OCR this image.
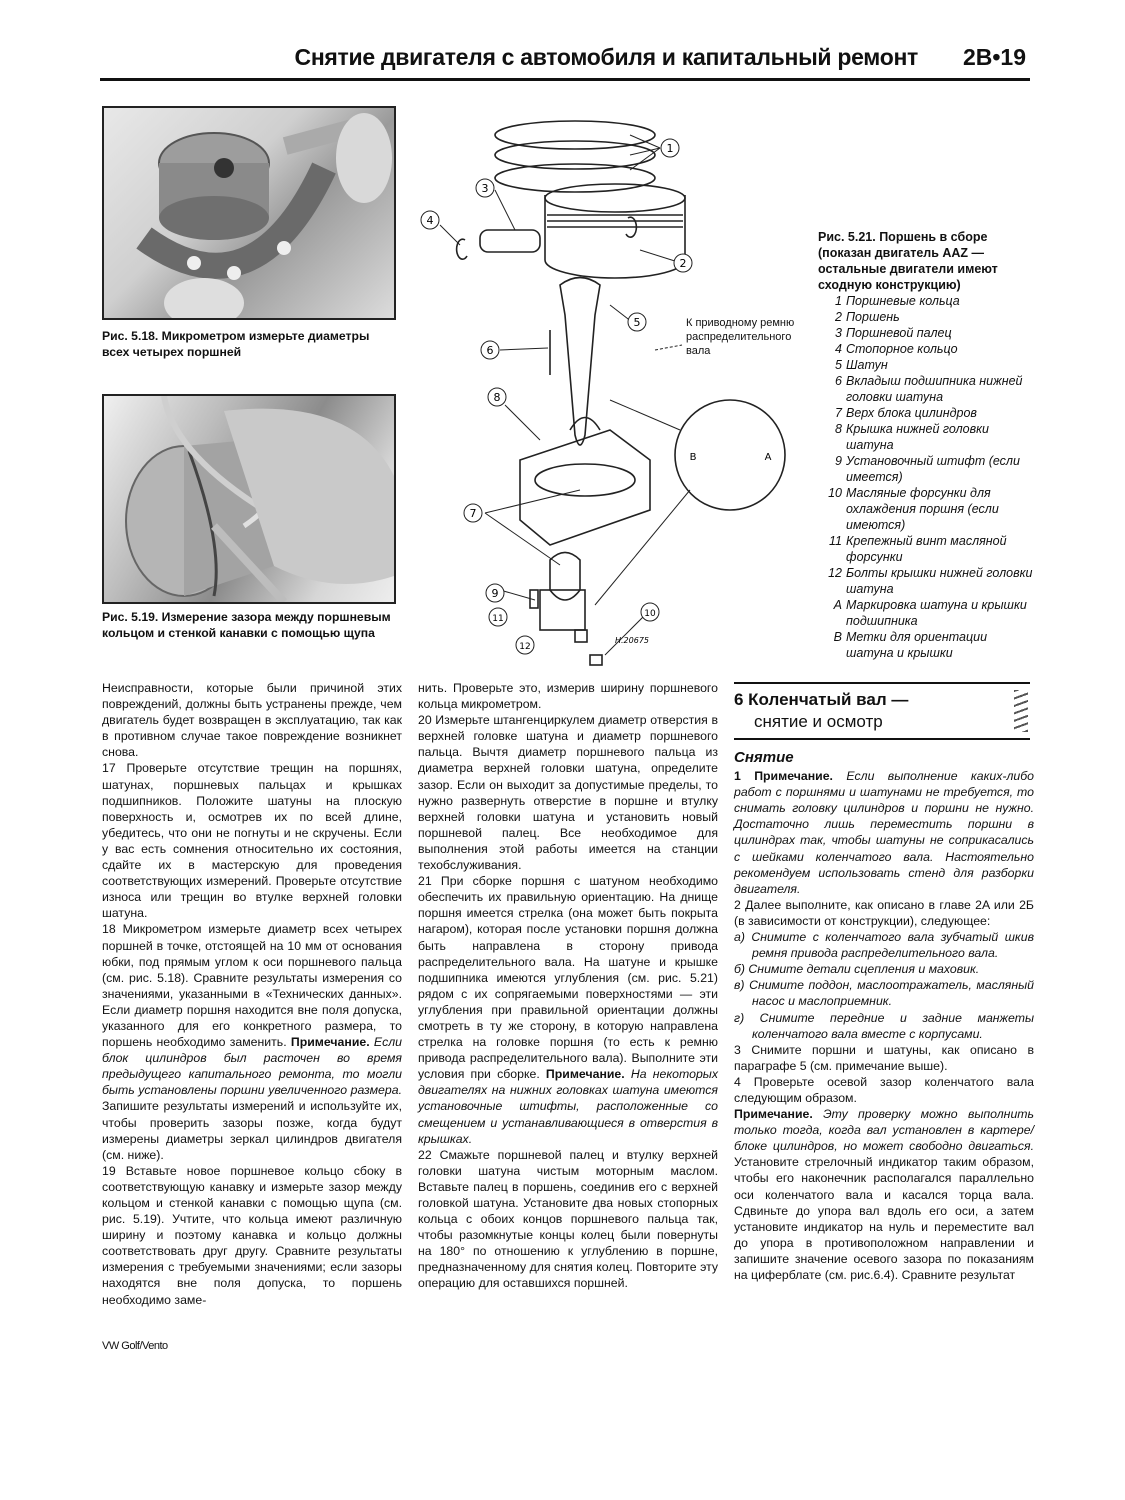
Снятие двигателя с автомобиля и капитальный ремонт 2B•19
Рис. 5.18. Микрометром измерьте диаметры всех четырех поршней
Рис. 5.19. Измерение зазора между поршневым кольцом и стенкой канавки с помощью щупа
1
2
3
4
5
6
8
7
9
11
12
10
B	A
H.20675
К приводному ремню распределительного вала
Рис. 5.21. Поршень в сборе (показан двигатель AAZ — остальные двигатели имеют сходную конструкцию)
1 Поршневые кольца
2 Поршень
3 Поршневой палец
4 Стопорное кольцо
5 Шатун
6 Вкладыш подшипника нижней головки шатуна
7 Верх блока цилиндров
8 Крышка нижней головки шатуна
9 Установочный штифт (если имеется)
10 Масляные форсунки для охлаждения поршня (если имеются)
11 Крепежный винт масляной форсунки
12 Болты крышки нижней головки шатуна
A Маркировка шатуна и крышки подшипника
B Метки для ориентации шатуна и крышки

Неисправности, которые были причиной этих повреждений, должны быть устранены прежде, чем двигатель будет возвращен в эксплуатацию, так как в противном случае такое повреждение возникнет снова.

17 Проверьте отсутствие трещин на поршнях, шатунах, поршневых пальцах и крышках подшипников. Положите шатуны на плоскую поверхность и, осмотрев их по всей длине, убедитесь, что они не погнуты и не скручены. Если у вас есть сомнения относительно их состояния, сдайте их в мастерскую для проведения соответствующих измерений. Проверьте отсутствие износа или трещин во втулке верхней головки шатуна.

18 Микрометром измерьте диаметр всех четырех поршней в точке, отстоящей на 10 мм от основания юбки, под прямым углом к оси поршневого пальца (см. рис. 5.18). Сравните результаты измерения со значениями, указанными в «Технических данных». Если диаметр поршня находится вне поля допуска, указанного для его конкретного размера, то поршень необходимо заменить. Примечание. Если блок цилиндров был расточен во время предыдущего капитального ремонта, то могли быть установлены поршни увеличенного размера. Запишите результаты измерений и используйте их, чтобы проверить зазоры позже, когда будут измерены диаметры зеркал цилиндров двигателя (см. ниже).

19 Вставьте новое поршневое кольцо сбоку в соответствующую канавку и измерьте зазор между кольцом и стенкой канавки с помощью щупа (см. рис. 5.19). Учтите, что кольца имеют различную ширину и поэтому канавка и кольцо должны соответствовать друг другу. Сравните результаты измерения с требуемыми значениями; если зазоры находятся вне поля допуска, то поршень необходимо заме-

нить. Проверьте это, измерив ширину поршневого кольца микрометром.

20 Измерьте штангенциркулем диаметр отверстия в верхней головке шатуна и диаметр поршневого пальца. Вычтя диаметр поршневого пальца из диаметра верхней головки шатуна, определите зазор. Если он выходит за допустимые пределы, то нужно развернуть отверстие в поршне и втулку верхней головки шатуна и установить новый поршневой палец. Все необходимое для выполнения этой работы имеется на станции техобслуживания.

21 При сборке поршня с шатуном необходимо обеспечить их правильную ориентацию. На днище поршня имеется стрелка (она может быть покрыта нагаром), которая после установки поршня должна быть направлена в сторону привода распределительного вала. На шатуне и крышке подшипника имеются углубления (см. рис. 5.21) рядом с их сопрягаемыми поверхностями — эти углубления при правильной ориентации должны смотреть в ту же сторону, в которую направлена стрелка на головке поршня (то есть к ремню привода распределительного вала). Выполните эти условия при сборке. Примечание. На некоторых двигателях на нижних головках шатуна имеются установочные штифты, расположенные со смещением и устанавливающиеся в отверстия в крышках.

22 Смажьте поршневой палец и втулку верхней головки шатуна чистым моторным маслом. Вставьте палец в поршень, соединив его с верхней головкой шатуна. Установите два новых стопорных кольца с обоих концов поршневого пальца так, чтобы разомкнутые концы колец были повернуты на 180° по отношению к углублению в поршне, предназначенному для снятия колец. Повторите эту операцию для оставшихся поршней.

6 Коленчатый вал —
снятие и осмотр

Снятие

1 Примечание. Если выполнение каких-либо работ с поршнями и шатунами не требуется, то снимать головку цилиндров и поршни не нужно. Достаточно лишь переместить поршни в цилиндрах так, чтобы шатуны не соприкасались с шейками коленчатого вала. Настоятельно рекомендуем использовать стенд для разборки двигателя.

2 Далее выполните, как описано в главе 2A или 2Б (в зависимости от конструкции), следующее:

а) Снимите с коленчатого вала зубчатый шкив ремня привода распределительного вала.

б) Снимите детали сцепления и маховик.

в) Снимите поддон, маслоотражатель, масляный насос и маслоприемник.

г) Снимите передние и задние манжеты коленчатого вала вместе с корпусами.

3 Снимите поршни и шатуны, как описано в параграфе 5 (см. примечание выше).

4 Проверьте осевой зазор коленчатого вала следующим образом.

Примечание. Эту проверку можно выполнить только тогда, когда вал установлен в картере/блоке цилиндров, но может свободно двигаться. Установите стрелочный индикатор таким образом, чтобы его наконечник располагался параллельно оси коленчатого вала и касался торца вала. Сдвиньте до упора вал вдоль его оси, а затем установите индикатор на нуль и переместите вал до упора в противоположном направлении и запишите значение осевого зазора по показаниям на циферблате (см. рис.6.4). Сравните результат

VW Golf/Vento
